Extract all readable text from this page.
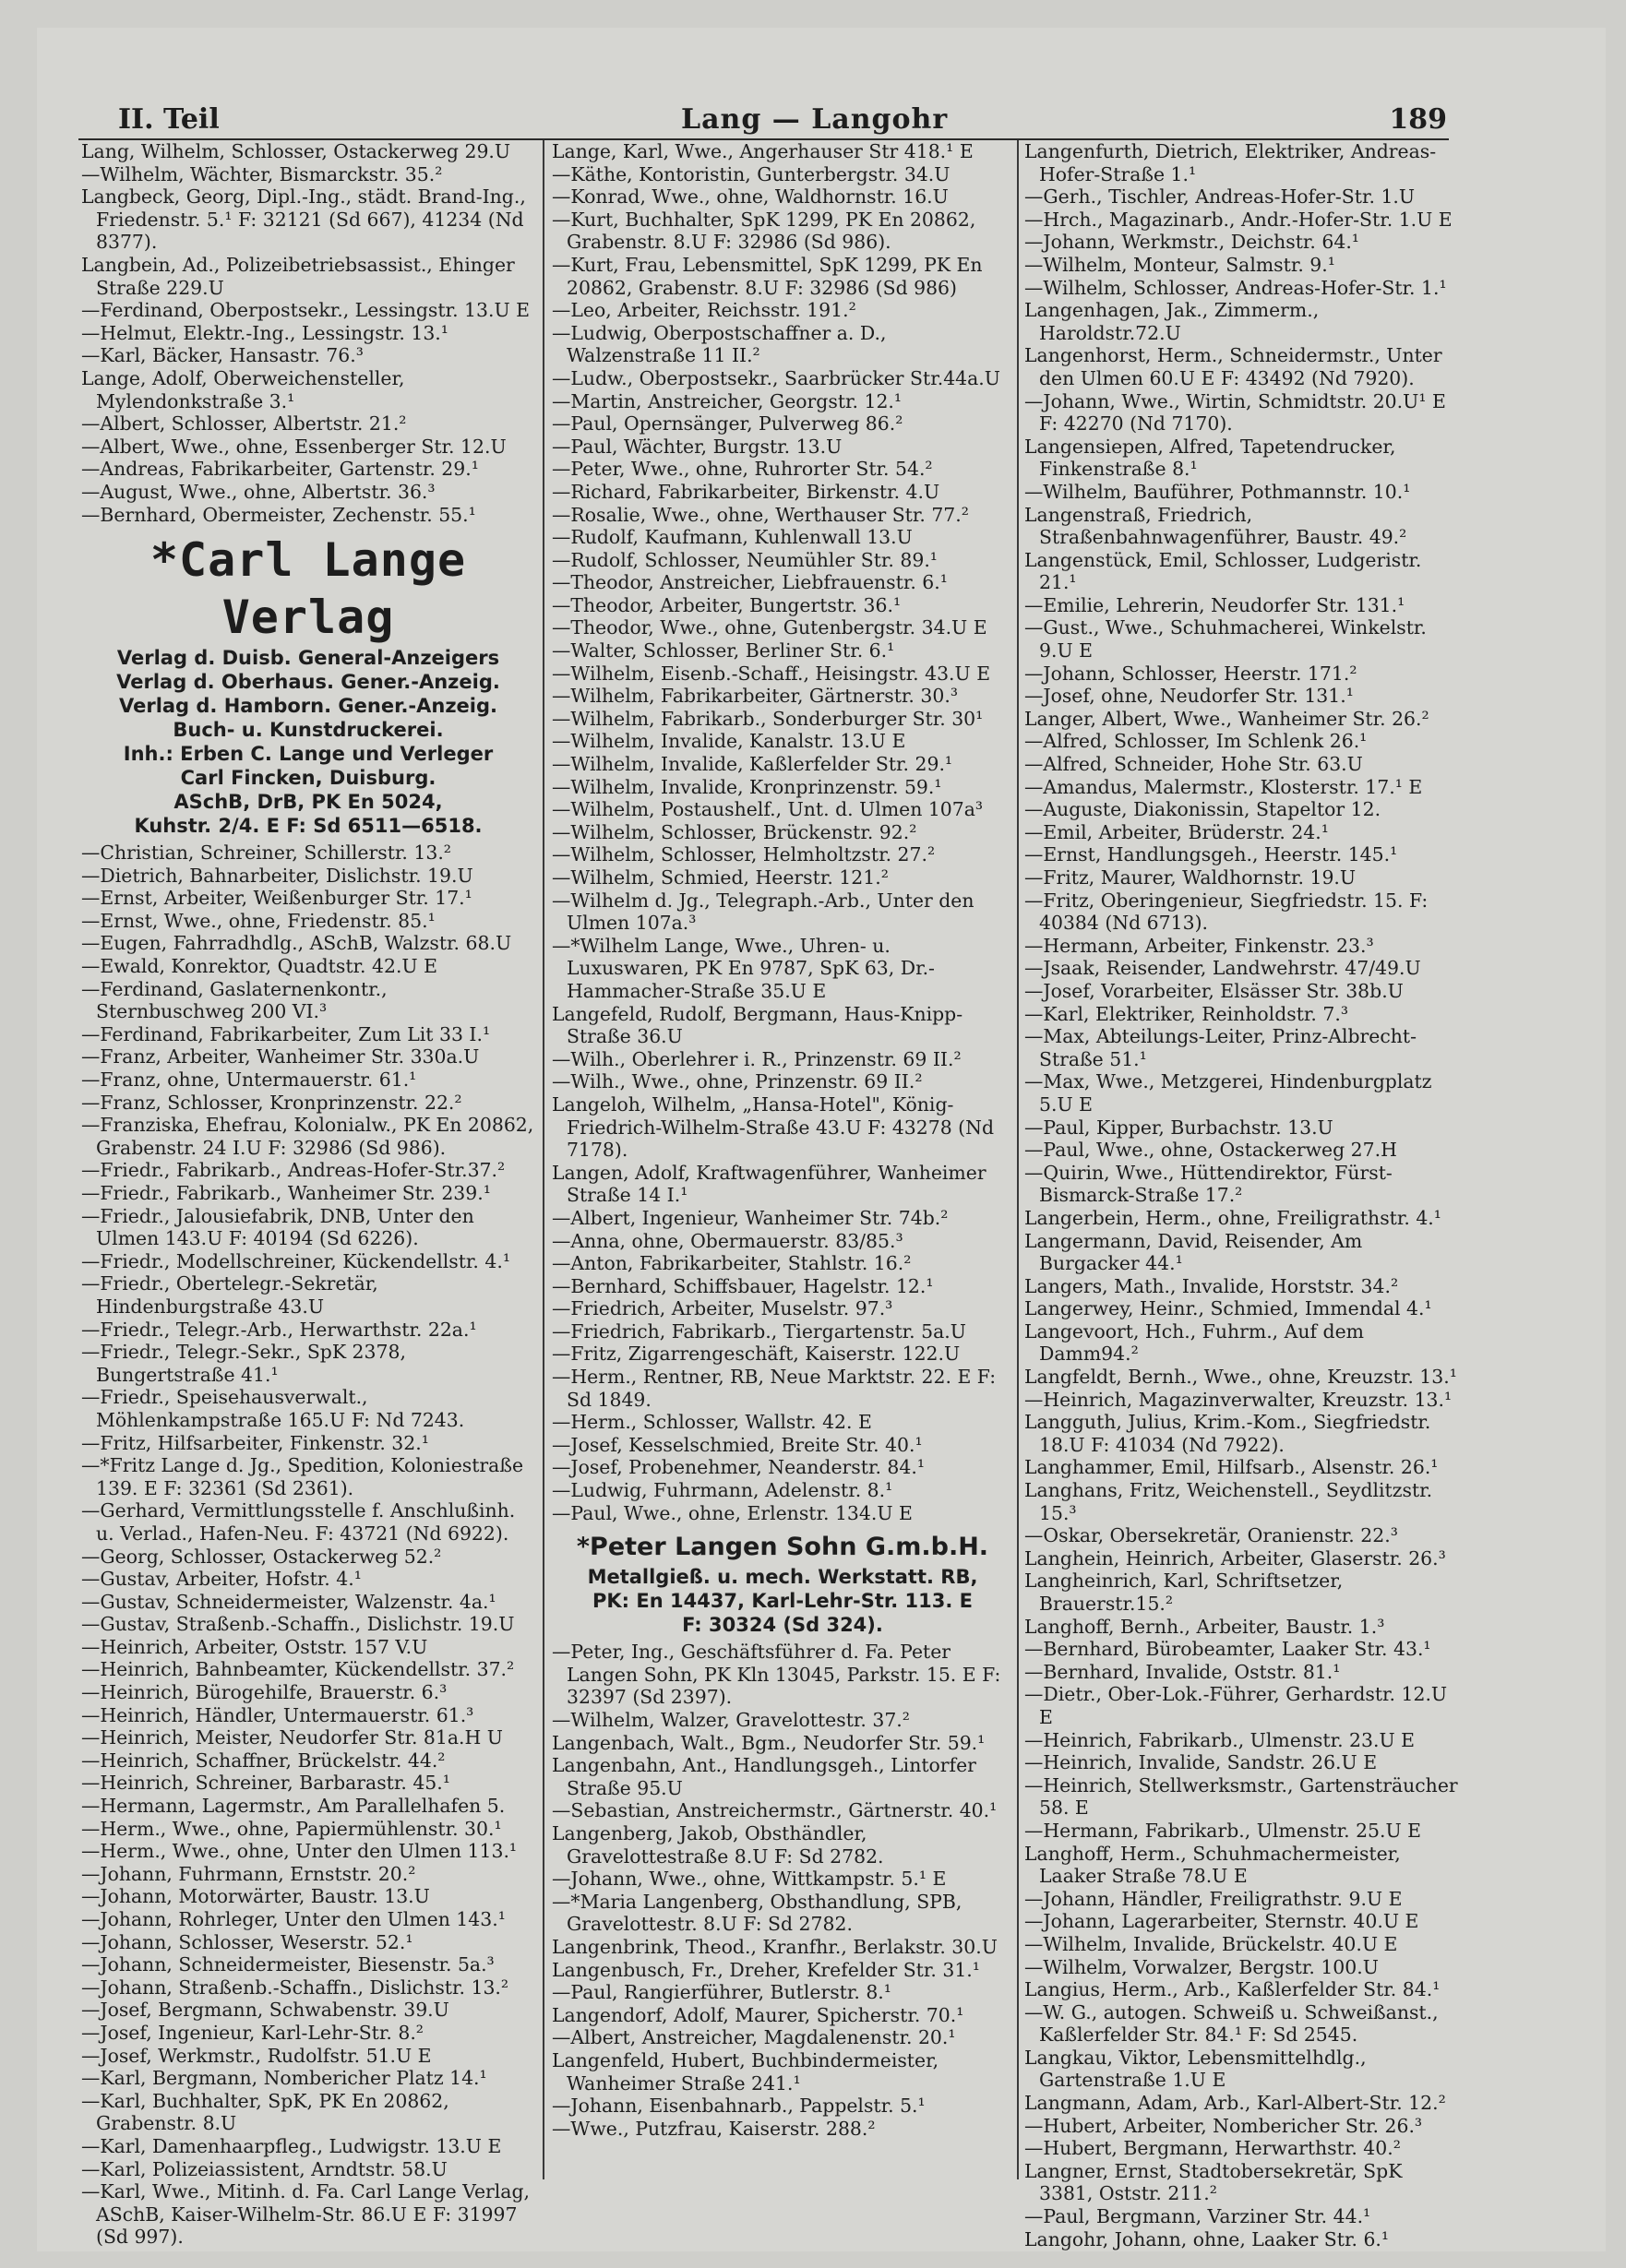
II. Teil	Lang — Langohr	189

Lang, Wilhelm, Schlosser, Ostackerweg 29.U

—Wilhelm, Wächter, Bismarckstr. 35.²

Langbeck, Georg, Dipl.-Ing., städt. Brand-Ing., Friedenstr. 5.¹ F: 32121 (Sd 667), 41234 (Nd 8377).

Langbein, Ad., Polizeibetriebsassist., Ehinger Straße 229.U

—Ferdinand, Oberpostsekr., Lessingstr. 13.U E

—Helmut, Elektr.-Ing., Lessingstr. 13.¹

—Karl, Bäcker, Hansastr. 76.³

Lange, Adolf, Oberweichensteller, Mylendonkstraße 3.¹

—Albert, Schlosser, Albertstr. 21.²

—Albert, Wwe., ohne, Essenberger Str. 12.U

—Andreas, Fabrikarbeiter, Gartenstr. 29.¹

—August, Wwe., ohne, Albertstr. 36.³

—Bernhard, Obermeister, Zechenstr. 55.¹

*Carl Lange Verlag
Verlag d. Duisb. General-Anzeigers
Verlag d. Oberhaus. Gener.-Anzeig.
Verlag d. Hamborn. Gener.-Anzeig.
Buch- u. Kunstdruckerei.
Inh.: Erben C. Lange und Verleger
Carl Fincken, Duisburg.
ASchB, DrB, PK En 5024,
Kuhstr. 2/4. E F: Sd 6511—6518.

—Christian, Schreiner, Schillerstr. 13.²

—Dietrich, Bahnarbeiter, Dislichstr. 19.U

—Ernst, Arbeiter, Weißenburger Str. 17.¹

—Ernst, Wwe., ohne, Friedenstr. 85.¹

—Eugen, Fahrradhdlg., ASchB, Walzstr. 68.U

—Ewald, Konrektor, Quadtstr. 42.U E

—Ferdinand, Gaslaternenkontr., Sternbuschweg 200 VI.³

—Ferdinand, Fabrikarbeiter, Zum Lit 33 I.¹

—Franz, Arbeiter, Wanheimer Str. 330a.U

—Franz, ohne, Untermauerstr. 61.¹

—Franz, Schlosser, Kronprinzenstr. 22.²

—Franziska, Ehefrau, Kolonialw., PK En 20862, Grabenstr. 24 I.U F: 32986 (Sd 986).

—Friedr., Fabrikarb., Andreas-Hofer-Str.37.²

—Friedr., Fabrikarb., Wanheimer Str. 239.¹

—Friedr., Jalousiefabrik, DNB, Unter den Ulmen 143.U F: 40194 (Sd 6226).

—Friedr., Modellschreiner, Kückendellstr. 4.¹

—Friedr., Obertelegr.-Sekretär, Hindenburgstraße 43.U

—Friedr., Telegr.-Arb., Herwarthstr. 22a.¹

—Friedr., Telegr.-Sekr., SpK 2378, Bungertstraße 41.¹

—Friedr., Speisehausverwalt., Möhlenkampstraße 165.U F: Nd 7243.

—Fritz, Hilfsarbeiter, Finkenstr. 32.¹

—*Fritz Lange d. Jg., Spedition, Koloniestraße 139. E F: 32361 (Sd 2361).

—Gerhard, Vermittlungsstelle f. Anschlußinh. u. Verlad., Hafen-Neu. F: 43721 (Nd 6922).

—Georg, Schlosser, Ostackerweg 52.²

—Gustav, Arbeiter, Hofstr. 4.¹

—Gustav, Schneidermeister, Walzenstr. 4a.¹

—Gustav, Straßenb.-Schaffn., Dislichstr. 19.U

—Heinrich, Arbeiter, Oststr. 157 V.U

—Heinrich, Bahnbeamter, Kückendellstr. 37.²

—Heinrich, Bürogehilfe, Brauerstr. 6.³

—Heinrich, Händler, Untermauerstr. 61.³

—Heinrich, Meister, Neudorfer Str. 81a.H U

—Heinrich, Schaffner, Brückelstr. 44.²

—Heinrich, Schreiner, Barbarastr. 45.¹

—Hermann, Lagermstr., Am Parallelhafen 5.

—Herm., Wwe., ohne, Papiermühlenstr. 30.¹

—Herm., Wwe., ohne, Unter den Ulmen 113.¹

—Johann, Fuhrmann, Ernststr. 20.²

—Johann, Motorwärter, Baustr. 13.U

—Johann, Rohrleger, Unter den Ulmen 143.¹

—Johann, Schlosser, Weserstr. 52.¹

—Johann, Schneidermeister, Biesenstr. 5a.³

—Johann, Straßenb.-Schaffn., Dislichstr. 13.²

—Josef, Bergmann, Schwabenstr. 39.U

—Josef, Ingenieur, Karl-Lehr-Str. 8.²

—Josef, Werkmstr., Rudolfstr. 51.U E

—Karl, Bergmann, Nombericher Platz 14.¹

—Karl, Buchhalter, SpK, PK En 20862, Grabenstr. 8.U

—Karl, Damenhaarpfleg., Ludwigstr. 13.U E

—Karl, Polizeiassistent, Arndtstr. 58.U

—Karl, Wwe., Mitinh. d. Fa. Carl Lange Verlag, ASchB, Kaiser-Wilhelm-Str. 86.U E F: 31997 (Sd 997).

Lange, Karl, Wwe., Angerhauser Str 418.¹ E

—Käthe, Kontoristin, Gunterbergstr. 34.U

—Konrad, Wwe., ohne, Waldhornstr. 16.U

—Kurt, Buchhalter, SpK 1299, PK En 20862, Grabenstr. 8.U F: 32986 (Sd 986).

—Kurt, Frau, Lebensmittel, SpK 1299, PK En 20862, Grabenstr. 8.U F: 32986 (Sd 986)

—Leo, Arbeiter, Reichsstr. 191.²

—Ludwig, Oberpostschaffner a. D., Walzenstraße 11 II.²

—Ludw., Oberpostsekr., Saarbrücker Str.44a.U

—Martin, Anstreicher, Georgstr. 12.¹

—Paul, Opernsänger, Pulverweg 86.²

—Paul, Wächter, Burgstr. 13.U

—Peter, Wwe., ohne, Ruhrorter Str. 54.²

—Richard, Fabrikarbeiter, Birkenstr. 4.U

—Rosalie, Wwe., ohne, Werthauser Str. 77.²

—Rudolf, Kaufmann, Kuhlenwall 13.U

—Rudolf, Schlosser, Neumühler Str. 89.¹

—Theodor, Anstreicher, Liebfrauenstr. 6.¹

—Theodor, Arbeiter, Bungertstr. 36.¹

—Theodor, Wwe., ohne, Gutenbergstr. 34.U E

—Walter, Schlosser, Berliner Str. 6.¹

—Wilhelm, Eisenb.-Schaff., Heisingstr. 43.U E

—Wilhelm, Fabrikarbeiter, Gärtnerstr. 30.³

—Wilhelm, Fabrikarb., Sonderburger Str. 30¹

—Wilhelm, Invalide, Kanalstr. 13.U E

—Wilhelm, Invalide, Kaßlerfelder Str. 29.¹

—Wilhelm, Invalide, Kronprinzenstr. 59.¹

—Wilhelm, Postaushelf., Unt. d. Ulmen 107a³

—Wilhelm, Schlosser, Brückenstr. 92.²

—Wilhelm, Schlosser, Helmholtzstr. 27.²

—Wilhelm, Schmied, Heerstr. 121.²

—Wilhelm d. Jg., Telegraph.-Arb., Unter den Ulmen 107a.³

—*Wilhelm Lange, Wwe., Uhren- u. Luxuswaren, PK En 9787, SpK 63, Dr.-Hammacher-Straße 35.U E

Langefeld, Rudolf, Bergmann, Haus-Knipp-Straße 36.U

—Wilh., Oberlehrer i. R., Prinzenstr. 69 II.²

—Wilh., Wwe., ohne, Prinzenstr. 69 II.²

Langeloh, Wilhelm, „Hansa-Hotel", König-Friedrich-Wilhelm-Straße 43.U F: 43278 (Nd 7178).

Langen, Adolf, Kraftwagenführer, Wanheimer Straße 14 I.¹

—Albert, Ingenieur, Wanheimer Str. 74b.²

—Anna, ohne, Obermauerstr. 83/85.³

—Anton, Fabrikarbeiter, Stahlstr. 16.²

—Bernhard, Schiffsbauer, Hagelstr. 12.¹

—Friedrich, Arbeiter, Muselstr. 97.³

—Friedrich, Fabrikarb., Tiergartenstr. 5a.U

—Fritz, Zigarrengeschäft, Kaiserstr. 122.U

—Herm., Rentner, RB, Neue Marktstr. 22. E F: Sd 1849.

—Herm., Schlosser, Wallstr. 42. E

—Josef, Kesselschmied, Breite Str. 40.¹

—Josef, Probenehmer, Neanderstr. 84.¹

—Ludwig, Fuhrmann, Adelenstr. 8.¹

—Paul, Wwe., ohne, Erlenstr. 134.U E

*Peter Langen Sohn G.m.b.H.
Metallgieß. u. mech. Werkstatt. RB,
PK: En 14437, Karl-Lehr-Str. 113. E
F: 30324 (Sd 324).

—Peter, Ing., Geschäftsführer d. Fa. Peter Langen Sohn, PK Kln 13045, Parkstr. 15. E F: 32397 (Sd 2397).

—Wilhelm, Walzer, Gravelottestr. 37.²

Langenbach, Walt., Bgm., Neudorfer Str. 59.¹

Langenbahn, Ant., Handlungsgeh., Lintorfer Straße 95.U

—Sebastian, Anstreichermstr., Gärtnerstr. 40.¹

Langenberg, Jakob, Obsthändler, Gravelottestraße 8.U F: Sd 2782.

—Johann, Wwe., ohne, Wittkampstr. 5.¹ E

—*Maria Langenberg, Obsthandlung, SPB, Gravelottestr. 8.U F: Sd 2782.

Langenbrink, Theod., Kranfhr., Berlakstr. 30.U

Langenbusch, Fr., Dreher, Krefelder Str. 31.¹

—Paul, Rangierführer, Butlerstr. 8.¹

Langendorf, Adolf, Maurer, Spicherstr. 70.¹

—Albert, Anstreicher, Magdalenenstr. 20.¹

Langenfeld, Hubert, Buchbindermeister, Wanheimer Straße 241.¹

—Johann, Eisenbahnarb., Pappelstr. 5.¹

—Wwe., Putzfrau, Kaiserstr. 288.²

Langenfurth, Dietrich, Elektriker, Andreas-Hofer-Straße 1.¹

—Gerh., Tischler, Andreas-Hofer-Str. 1.U

—Hrch., Magazinarb., Andr.-Hofer-Str. 1.U E

—Johann, Werkmstr., Deichstr. 64.¹

—Wilhelm, Monteur, Salmstr. 9.¹

—Wilhelm, Schlosser, Andreas-Hofer-Str. 1.¹

Langenhagen, Jak., Zimmerm., Haroldstr.72.U

Langenhorst, Herm., Schneidermstr., Unter den Ulmen 60.U E F: 43492 (Nd 7920).

—Johann, Wwe., Wirtin, Schmidtstr. 20.U¹ E F: 42270 (Nd 7170).

Langensiepen, Alfred, Tapetendrucker, Finkenstraße 8.¹

—Wilhelm, Bauführer, Pothmannstr. 10.¹

Langenstraß, Friedrich, Straßenbahnwagenführer, Baustr. 49.²

Langenstück, Emil, Schlosser, Ludgeristr. 21.¹

—Emilie, Lehrerin, Neudorfer Str. 131.¹

—Gust., Wwe., Schuhmacherei, Winkelstr. 9.U E

—Johann, Schlosser, Heerstr. 171.²

—Josef, ohne, Neudorfer Str. 131.¹

Langer, Albert, Wwe., Wanheimer Str. 26.²

—Alfred, Schlosser, Im Schlenk 26.¹

—Alfred, Schneider, Hohe Str. 63.U

—Amandus, Malermstr., Klosterstr. 17.¹ E

—Auguste, Diakonissin, Stapeltor 12.

—Emil, Arbeiter, Brüderstr. 24.¹

—Ernst, Handlungsgeh., Heerstr. 145.¹

—Fritz, Maurer, Waldhornstr. 19.U

—Fritz, Oberingenieur, Siegfriedstr. 15. F: 40384 (Nd 6713).

—Hermann, Arbeiter, Finkenstr. 23.³

—Jsaak, Reisender, Landwehrstr. 47/49.U

—Josef, Vorarbeiter, Elsässer Str. 38b.U

—Karl, Elektriker, Reinholdstr. 7.³

—Max, Abteilungs-Leiter, Prinz-Albrecht-Straße 51.¹

—Max, Wwe., Metzgerei, Hindenburgplatz 5.U E

—Paul, Kipper, Burbachstr. 13.U

—Paul, Wwe., ohne, Ostackerweg 27.H

—Quirin, Wwe., Hüttendirektor, Fürst-Bismarck-Straße 17.²

Langerbein, Herm., ohne, Freiligrathstr. 4.¹

Langermann, David, Reisender, Am Burgacker 44.¹

Langers, Math., Invalide, Horststr. 34.²

Langerwey, Heinr., Schmied, Immendal 4.¹

Langevoort, Hch., Fuhrm., Auf dem Damm94.²

Langfeldt, Bernh., Wwe., ohne, Kreuzstr. 13.¹

—Heinrich, Magazinverwalter, Kreuzstr. 13.¹

Langguth, Julius, Krim.-Kom., Siegfriedstr. 18.U F: 41034 (Nd 7922).

Langhammer, Emil, Hilfsarb., Alsenstr. 26.¹

Langhans, Fritz, Weichenstell., Seydlitzstr. 15.³

—Oskar, Obersekretär, Oranienstr. 22.³

Langhein, Heinrich, Arbeiter, Glaserstr. 26.³

Langheinrich, Karl, Schriftsetzer, Brauerstr.15.²

Langhoff, Bernh., Arbeiter, Baustr. 1.³

—Bernhard, Bürobeamter, Laaker Str. 43.¹

—Bernhard, Invalide, Oststr. 81.¹

—Dietr., Ober-Lok.-Führer, Gerhardstr. 12.U E

—Heinrich, Fabrikarb., Ulmenstr. 23.U E

—Heinrich, Invalide, Sandstr. 26.U E

—Heinrich, Stellwerksmstr., Gartensträucher 58. E

—Hermann, Fabrikarb., Ulmenstr. 25.U E

Langhoff, Herm., Schuhmachermeister, Laaker Straße 78.U E

—Johann, Händler, Freiligrathstr. 9.U E

—Johann, Lagerarbeiter, Sternstr. 40.U E

—Wilhelm, Invalide, Brückelstr. 40.U E

—Wilhelm, Vorwalzer, Bergstr. 100.U

Langius, Herm., Arb., Kaßlerfelder Str. 84.¹

—W. G., autogen. Schweiß u. Schweißanst., Kaßlerfelder Str. 84.¹ F: Sd 2545.

Langkau, Viktor, Lebensmittelhdlg., Gartenstraße 1.U E

Langmann, Adam, Arb., Karl-Albert-Str. 12.²

—Hubert, Arbeiter, Nombericher Str. 26.³

—Hubert, Bergmann, Herwarthstr. 40.²

Langner, Ernst, Stadtobersekretär, SpK 3381, Oststr. 211.²

—Paul, Bergmann, Varziner Str. 44.¹

Langohr, Johann, ohne, Laaker Str. 6.¹
